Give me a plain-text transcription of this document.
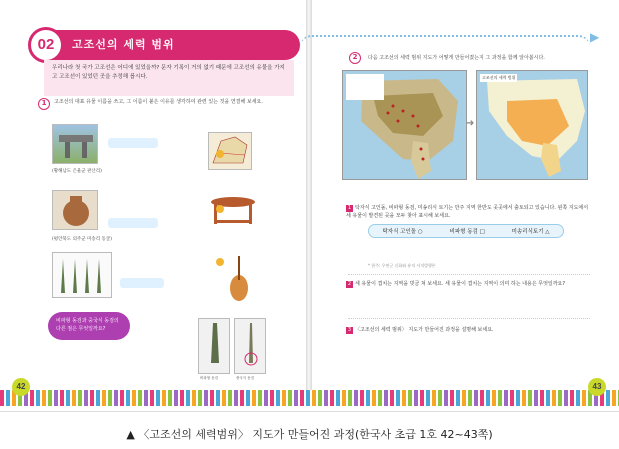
02	고조선의 세력 범위
▶
우리나라 첫 국가 고조선은 어디에 있었을까? 문자 기록이 거의 없기 때문에 고조선의 유물을 가지고 고조선이 있었던 곳을 추정해 봅시다.
1	고조선의 대표 유물 이름을 쓰고, 그 이름이 붙은 이유를 생각하여 관련 있는 것을 연결해 보세요.
(황해남도 은율군 관산리)
(평안북도 의주군 미송리 동굴)
비파형 동검과 중국식 동검의 다른 점은 무엇일까요?
비파형 동검	중국식 동검
2	다음 고조선의 세력 범위 지도가 어떻게 만들어졌는지 그 과정을 함께 알아봅시다.
➜
고조선의 세력 범위
1 탁자식 고인돌, 비파형 동검, 미송리식 토기는 만주 지역 한반도 곳곳에서 출토되고 있습니다. 왼쪽 지도에서 세 유물이 발견된 곳을 모두 찾아 표시해 보세요.
탁자식 고인돌 ○	비파형 동검 □	미송리식토기 △
* 현주: 우연군 신화와 유적 서적발행본
2 세 유물이 겹치는 지역을 빗금 쳐 보세요. 세 유물이 겹치는 지역이 의미 하는 내용은 무엇일까요?
3 〈고조선의 세력 범위〉 지도가 만들어진 과정을 설명해 보세요.
42	43
▲ 〈고조선의 세력범위〉 지도가 만들어진 과정(한국사 초급 1호 42~43쪽)
